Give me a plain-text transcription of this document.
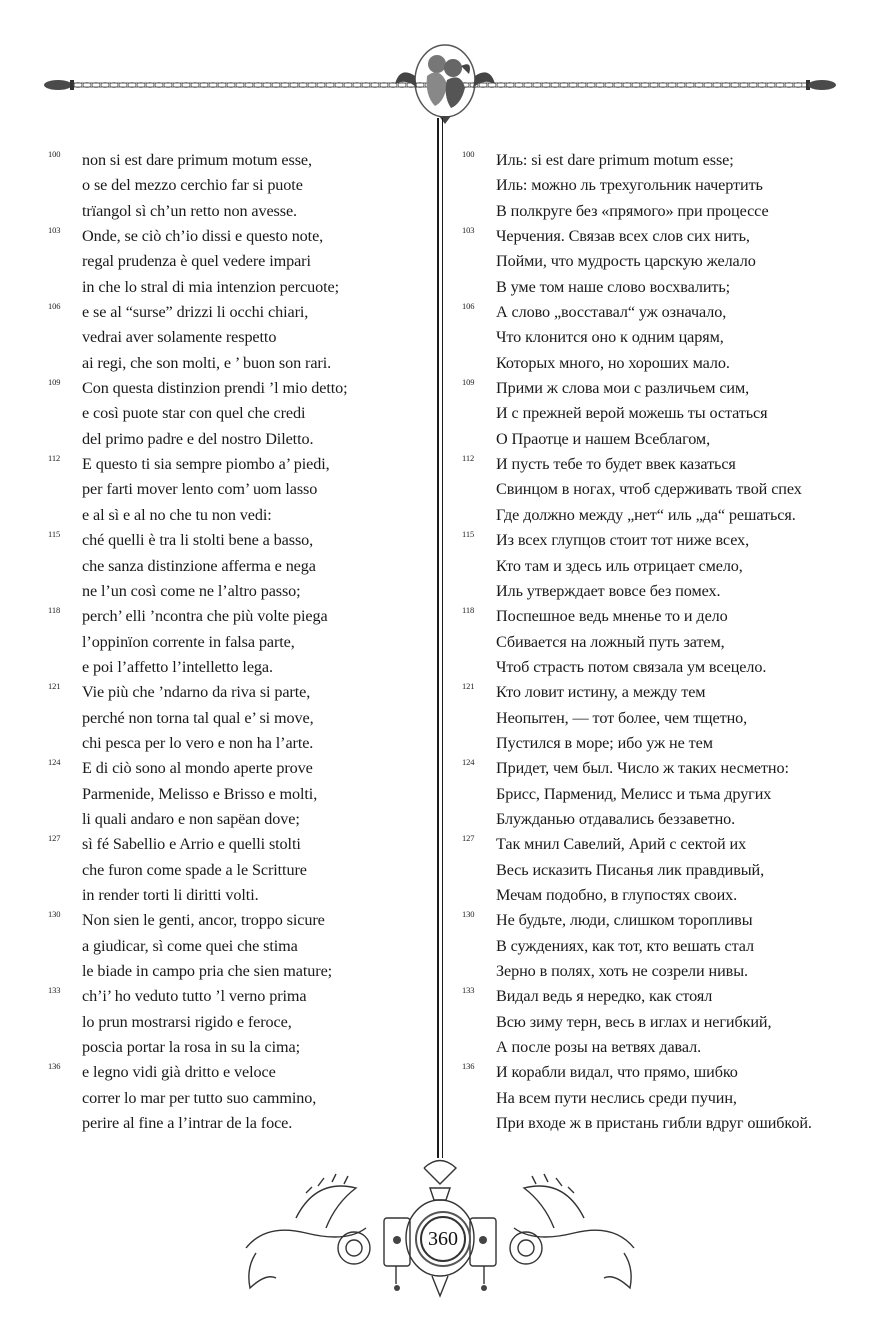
100 non si est dare primum motum esse,
o se del mezzo cerchio far si puote
trïangol sì ch’un retto non avesse.
103 Onde, se ciò ch’io dissi e questo note,
regal prudenza è quel vedere impari
in che lo stral di mia intenzion percuote;
106 e se al “surse” drizzi li occhi chiari,
vedrai aver solamente respetto
ai regi, che son molti, e ’ buon son rari.
109 Con questa distinzion prendi ’l mio detto;
e così puote star con quel che credi
del primo padre e del nostro Diletto.
112 E questo ti sia sempre piombo a’ piedi,
per farti mover lento com’ uom lasso
e al sì e al no che tu non vedi:
115 ché quelli è tra li stolti bene a basso,
che sanza distinzione afferma e nega
ne l’un così come ne l’altro passo;
118 perch’ elli ’ncontra che più volte piega
l’oppinïon corrente in falsa parte,
e poi l’affetto l’intelletto lega.
121 Vie più che ’ndarno da riva si parte,
perché non torna tal qual e’ si move,
chi pesca per lo vero e non ha l’arte.
124 E di ciò sono al mondo aperte prove
Parmenide, Melisso e Brisso e molti,
li quali andaro e non sapëan dove;
127 sì fé Sabellio e Arrio e quelli stolti
che furon come spade a le Scritture
in render torti li diritti volti.
130 Non sien le genti, ancor, troppo sicure
a giudicar, sì come quei che stima
le biade in campo pria che sien mature;
133 ch’i’ ho veduto tutto ’l verno prima
lo prun mostrarsi rigido e feroce,
poscia portar la rosa in su la cima;
136 e legno vidi già dritto e veloce
correr lo mar per tutto suo cammino,
perire al fine a l’intrar de la foce.
100 Иль: si est dare primum motum esse;
Иль: можно ль трехугольник начертить
В полкруге без «прямого» при процессе
103 Черчения. Связав всех слов сих нить,
Пойми, что мудрость царскую желало
В уме том наше слово восхвалить;
106 А слово „восставал“ уж означало,
Что клонится оно к одним царям,
Которых много, но хороших мало.
109 Прими ж слова мои с различьем сим,
И с прежней верой можешь ты остаться
О Праотце и нашем Всеблагом,
112 И пусть тебе то будет ввек казаться
Свинцом в ногах, чтоб сдерживать твой спех
Где должно между „нет“ иль „да“ решаться.
115 Из всех глупцов стоит тот ниже всех,
Кто там и здесь иль отрицает смело,
Иль утверждает вовсе без помех.
118 Поспешное ведь мненье то и дело
Сбивается на ложный путь затем,
Чтоб страсть потом связала ум всецело.
121 Кто ловит истину, а между тем
Неопытен, — тот более, чем тщетно,
Пустился в море; ибо уж не тем
124 Придет, чем был. Число ж таких несметно:
Брисс, Парменид, Мелисс и тьма других
Блужданью отдавались беззаветно.
127 Так мнил Савелий, Арий с сектой их
Весь исказить Писанья лик правдивый,
Мечам подобно, в глупостях своих.
130 Не будьте, люди, слишком торопливы
В суждениях, как тот, кто вешать стал
Зерно в полях, хоть не созрели нивы.
133 Видал ведь я нередко, как стоял
Всю зиму терн, весь в иглах и негибкий,
А после розы на ветвях давал.
136 И корабли видал, что прямо, шибко
На всем пути неслись среди пучин,
При входе ж в пристань гибли вдруг ошибкой.
360
